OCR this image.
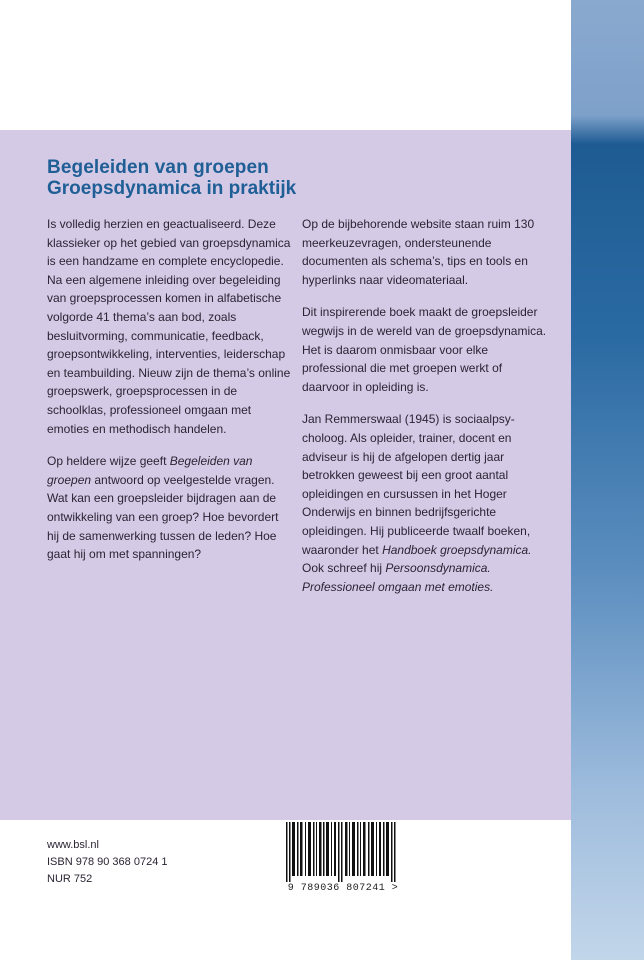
Begeleiden van groepen
Groepsdynamica in praktijk

Is volledig herzien en geactualiseerd. Deze klassieker op het gebied van groepsdynamica is een handzame en complete encyclopedie. Na een algemene inleiding over begeleiding van groepsprocessen komen in alfabetische volgorde 41 thema’s aan bod, zoals besluitvorming, communicatie, feedback, groepsontwikkeling, interventies, leiderschap en teambuilding. Nieuw zijn de thema’s online groepswerk, groepsprocessen in de schoolklas, professioneel omgaan met emoties en methodisch handelen.

Op heldere wijze geeft Begeleiden van groepen antwoord op veelgestelde vragen. Wat kan een groepsleider bijdragen aan de ontwikkeling van een groep? Hoe bevordert hij de samenwerking tussen de leden? Hoe gaat hij om met spanningen?

Op de bijbehorende website staan ruim 130 meerkeuzevragen, ondersteunende documenten als schema’s, tips en tools en hyperlinks naar videomateriaal.

Dit inspirerende boek maakt de groepsleider wegwijs in de wereld van de groepsdynamica. Het is daarom onmisbaar voor elke professional die met groepen werkt of daarvoor in opleiding is.

Jan Remmerswaal (1945) is sociaalpsycholoog. Als opleider, trainer, docent en adviseur is hij de afgelopen dertig jaar betrokken geweest bij een groot aantal opleidingen en cursussen in het Hoger Onderwijs en binnen bedrijfsgerichte opleidingen. Hij publiceerde twaalf boeken, waaronder het Handboek groepsdynamica. Ook schreef hij Persoonsdynamica. Professioneel omgaan met emoties.

www.bsl.nl
ISBN 978 90 368 0724 1
NUR 752
9 789036 807241 >
